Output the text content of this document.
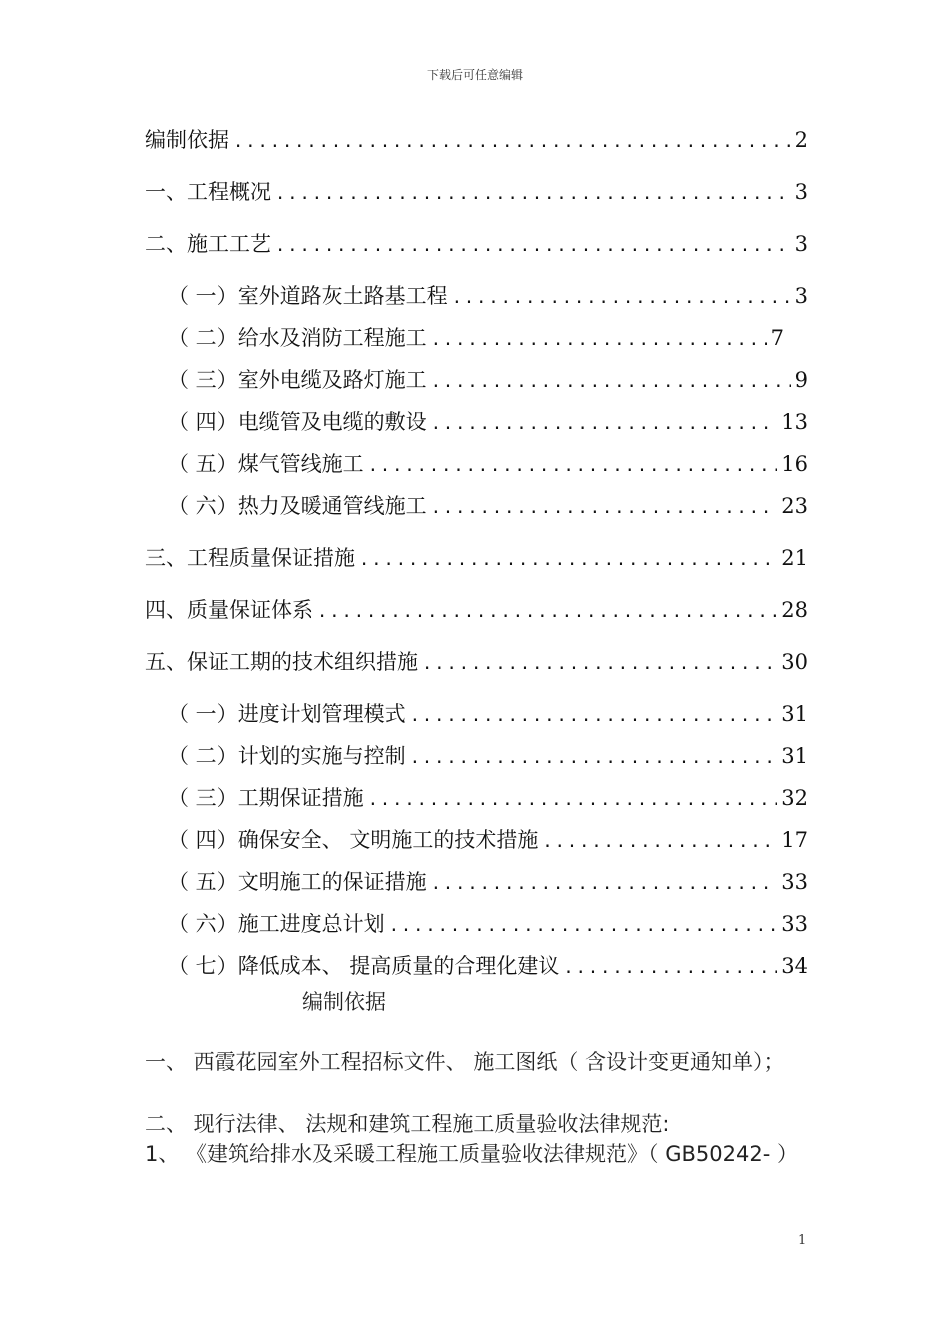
下载后可任意编辑
编制依据 .....	2
一、 工程概况 .....	3
二、 施工工艺 .....	3
（ 一） 室外道路灰土路基工程 .....	3
（ 二） 给水及消防工程施工 .....	7
（ 三） 室外电缆及路灯施工 .....	9
（ 四） 电缆管及电缆的敷设 .....	13
（ 五） 煤气管线施工 .....	16
（ 六） 热力及暖通管线施工 .....	23
三、 工程质量保证措施 .....	21
四、 质量保证体系 .....	28
五、 保证工期的技术组织措施 .....	30
（ 一） 进度计划管理模式 .....	31
（ 二） 计划的实施与控制 .....	31
（ 三） 工期保证措施 .....	32
（ 四） 确保安全、 文明施工的技术措施 .....	17
（ 五） 文明施工的保证措施 .....	33
（ 六） 施工进度总计划 .....	33
（ 七） 降低成本、 提高质量的合理化建议 .....	34
编制依据
一、 西霞花园室外工程招标文件、 施工图纸（ 含设计变更通知单）；
二、 现行法律、 法规和建筑工程施工质量验收法律规范:
1、 《建筑给排水及采暖工程施工质量验收法律规范》（ GB50242- ）
1
